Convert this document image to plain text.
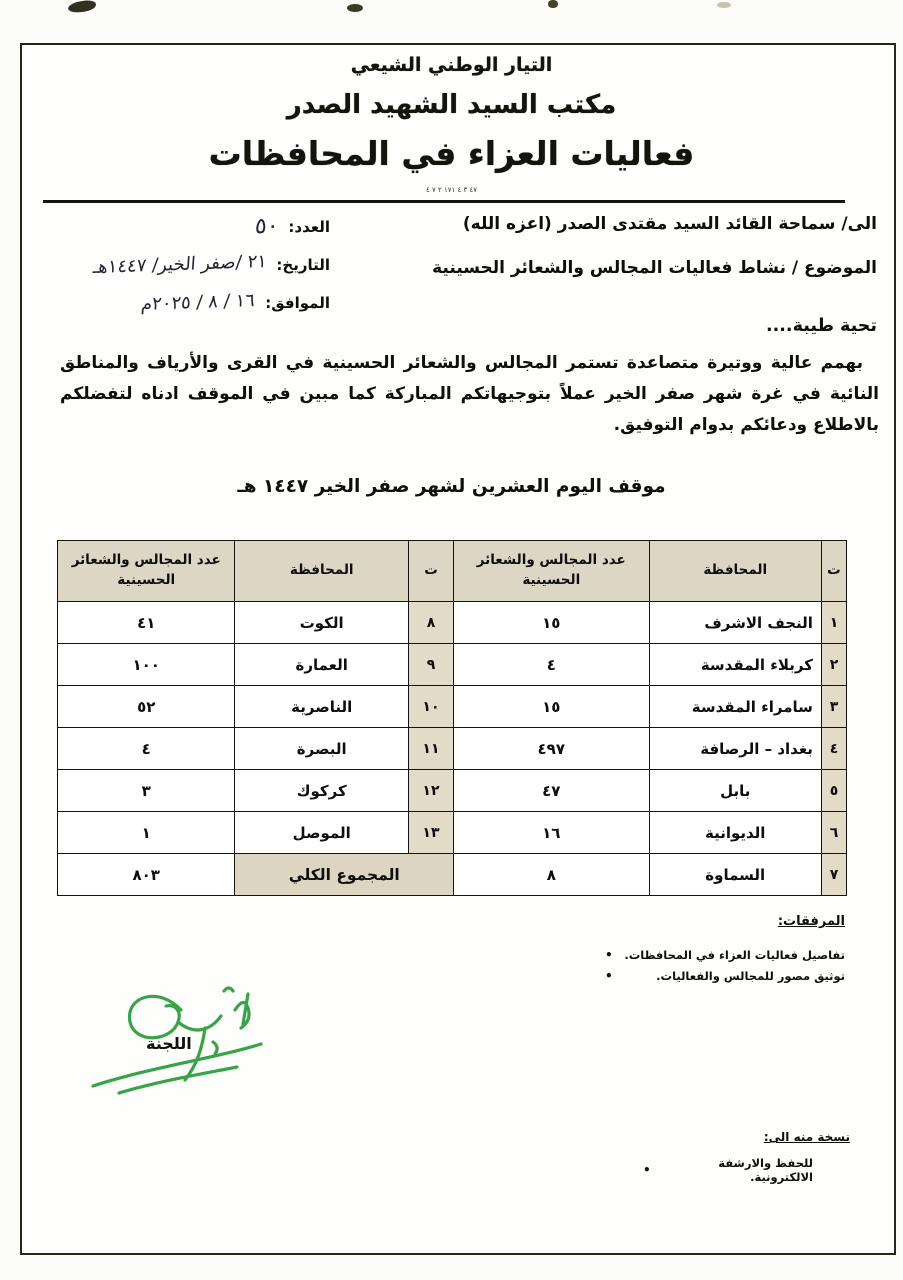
التيار الوطني الشيعي
مكتب السيد الشهيد الصدر
فعاليات العزاء في المحافظات
٤٧ ٣ ٤ ١٧١ ٢ ٧ ٤
الى/ سماحة القائد السيد مقتدى الصدر (اعزه الله)
الموضوع / نشاط فعاليات المجالس والشعائر الحسينية
العدد:
٥٠
التاريخ:
٢١ /صفر الخير/ ١٤٤٧هـ
الموافق:
١٦ / ٨ / ٢٠٢٥م
تحية طيبة....
بهمم عالية ووتيرة متصاعدة تستمر المجالس والشعائر الحسينية في القرى والأرياف والمناطق النائية في غرة شهر صفر الخير عملاً بتوجيهاتكم المباركة كما مبين في الموقف ادناه لتفضلكم بالاطلاع ودعائكم بدوام التوفيق.
موقف اليوم العشرين لشهر صفر الخير ١٤٤٧ هـ
ت	المحافظة	عدد المجالس والشعائر الحسينية	ت	المحافظة	عدد المجالس والشعائر الحسينية
١	النجف الاشرف	١٥	٨	الكوت	٤١
٢	كربلاء المقدسة	٤	٩	العمارة	١٠٠
٣	سامراء المقدسة	١٥	١٠	الناصرية	٥٢
٤	بغداد – الرصافة	٤٩٧	١١	البصرة	٤
٥	بابل	٤٧	١٢	كركوك	٣
٦	الديوانية	١٦	١٣	الموصل	١
٧	السماوة	٨	المجموع الكلي		٨٠٣
المرفقات:
•	تفاصيل فعاليات العزاء في المحافظات.
•	توثيق مصور للمجالس والفعاليات.
اللجنة
نسخة منه الى:
•	للحفظ والارشفة الالكترونية.
